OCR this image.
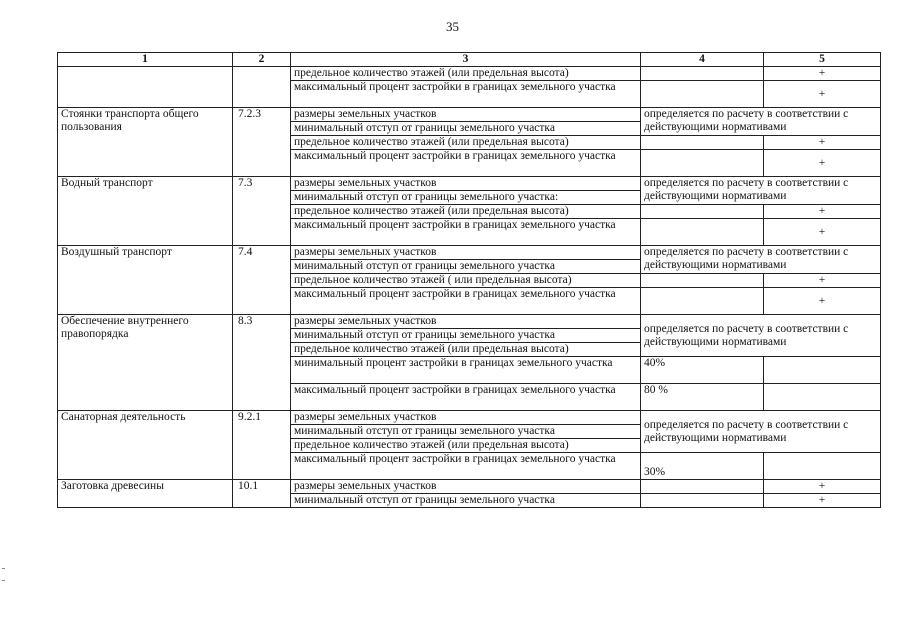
35
1	2	3	4	5
		предельное количество этажей (или предельная высота)		+
		максимальный процент застройки в границах земельного участка		+
Стоянки транспорта общего пользования	7.2.3	размеры земельных участков	определяется по расчету в соответствии с действующими нормативами	
		минимальный отступ от границы земельного участка		
		предельное количество этажей (или предельная высота)		+
		максимальный процент застройки в границах земельного участка		+
Водный транспорт	7.3	размеры земельных участков	определяется по расчету в соответствии с действующими нормативами	
		минимальный отступ от границы земельного участка:		
		предельное количество этажей (или предельная высота)		+
		максимальный процент застройки в границах земельного участка		+
Воздушный транспорт	7.4	размеры земельных участков	определяется по расчету в соответствии с действующими нормативами	
		минимальный отступ от границы земельного участка		
		предельное количество этажей ( или предельная высота)		+
		максимальный процент застройки в границах земельного участка		+
Обеспечение внутреннего правопорядка	8.3	размеры земельных участков	определяется по расчету в соответствии с действующими нормативами	
		минимальный отступ от границы земельного участка		
		предельное количество этажей (или предельная высота)		
		минимальный процент застройки в границах земельного участка	40%	
		максимальный процент застройки в границах земельного участка	80 %	
Санаторная деятельность	9.2.1	размеры земельных участков	определяется по расчету в соответствии с действующими нормативами	
		минимальный отступ от границы земельного участка		
		предельное количество этажей (или предельная высота)		
		максимальный процент застройки в границах земельного участка	30%	
Заготовка древесины	10.1	размеры земельных участков		+
		минимальный отступ от границы земельного участка		+
